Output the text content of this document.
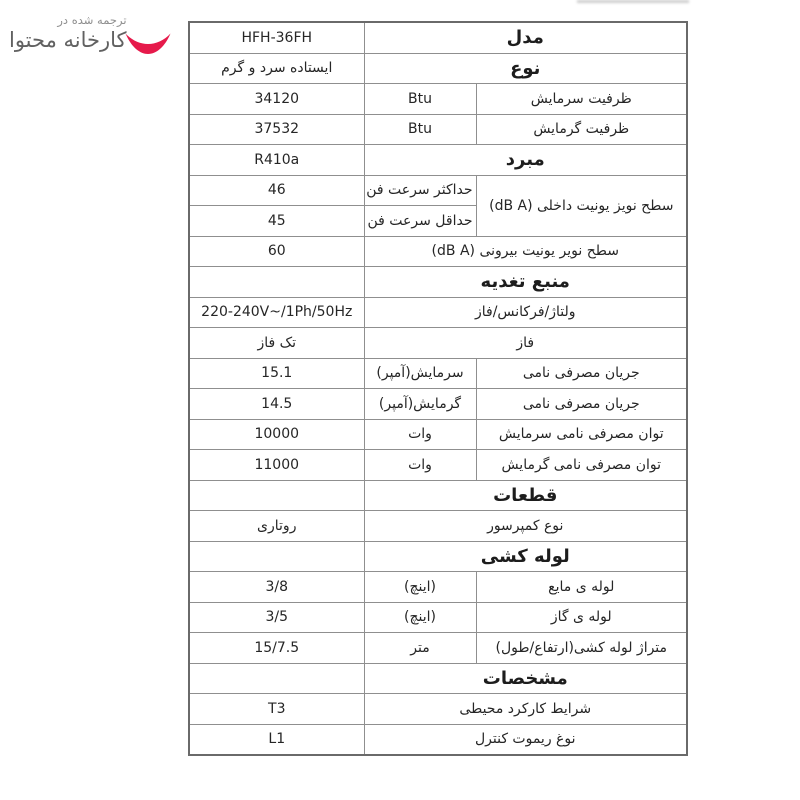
ترجمه شده در
کارخانه محتوا	مدل		HFH-36FH
نوع		ایستاده سرد و گرم
ظرفیت سرمایش	Btu	34120
ظرفیت گرمایش	Btu	37532
مبرد		R410a
سطح نویز یونیت داخلی (dB A)	حداکثر سرعت فن	46
	حداقل سرعت فن	45
سطح نویر یونیت بیرونی (dB A)		60
منبع تغدیه		
ولتاژ/فرکانس/فاز		220-240V~/1Ph/50Hz
فاز		تک فاز
جریان مصرفی نامی	سرمایش(آمپر)	15.1
جریان مصرفی نامی	گرمایش(آمپر)	14.5
توان مصرفی نامی سرمایش	وات	10000
توان مصرفی نامی گرمایش	وات	11000
قطعات		
نوع کمپرسور		روتاری
لوله کشی		
لوله ی مایع	(اینچ)	3/8
لوله ی گاز	(اینچ)	3/5
متراژ لوله کشی(ارتفاع/طول)	متر	15/7.5
مشخصات		
شرایط کارکرد محیطی		T3
نوغ ریموت کنترل		L1
